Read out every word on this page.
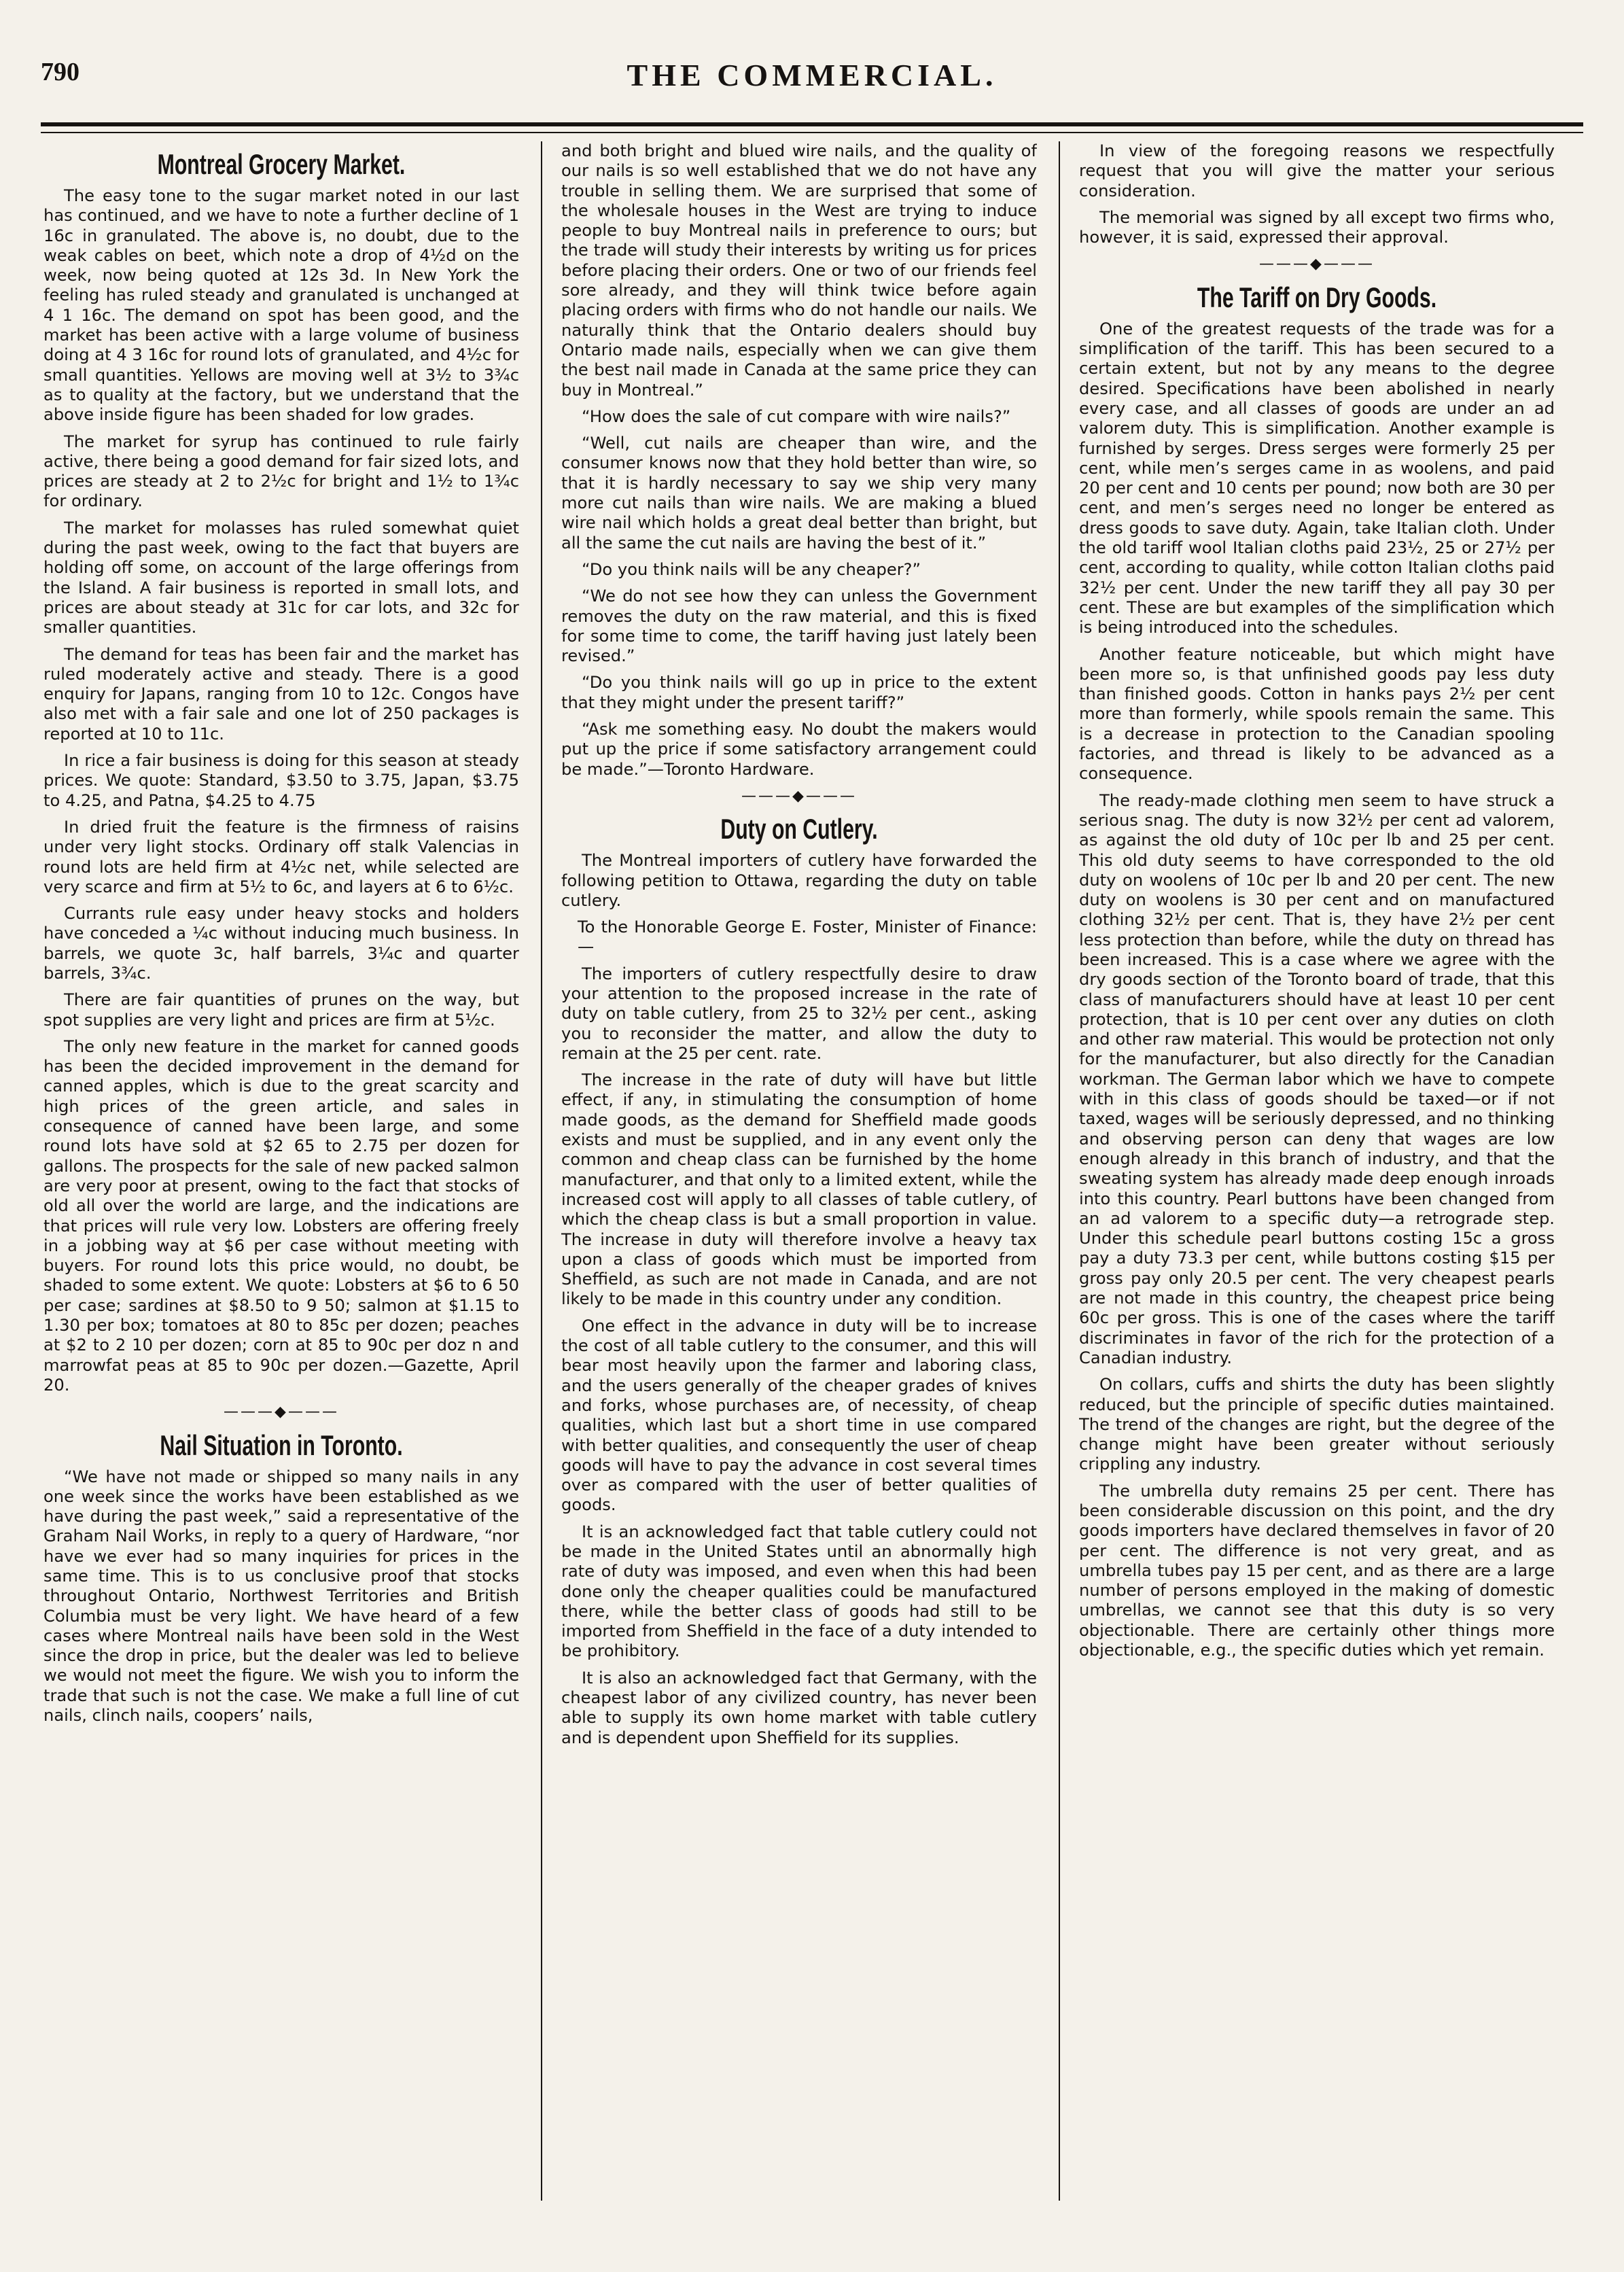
790	THE COMMERCIAL.
Montreal Grocery Market.

The easy tone to the sugar market noted in our last has continued, and we have to note a further decline of 1 16c in granulated. The above is, no doubt, due to the weak cables on beet, which note a drop of 4½d on the week, now being quoted at 12s 3d. In New York the feeling has ruled steady and granulated is unchanged at 4 1 16c. The demand on spot has been good, and the market has been active with a large volume of business doing at 4 3 16c for round lots of granulated, and 4½c for small quantities. Yellows are moving well at 3½ to 3¾c as to quality at the factory, but we understand that the above inside figure has been shaded for low grades.

The market for syrup has continued to rule fairly active, there being a good demand for fair sized lots, and prices are steady at 2 to 2½c for bright and 1½ to 1¾c for ordinary.

The market for molasses has ruled somewhat quiet during the past week, owing to the fact that buyers are holding off some, on account of the large offerings from the Island. A fair business is reported in small lots, and prices are about steady at 31c for car lots, and 32c for smaller quantities.

The demand for teas has been fair and the market has ruled moderately active and steady. There is a good enquiry for Japans, ranging from 10 to 12c. Congos have also met with a fair sale and one lot of 250 packages is reported at 10 to 11c.

In rice a fair business is doing for this season at steady prices. We quote: Standard, $3.50 to 3.75, Japan, $3.75 to 4.25, and Patna, $4.25 to 4.75

In dried fruit the feature is the firmness of raisins under very light stocks. Ordinary off stalk Valencias in round lots are held firm at 4½c net, while selected are very scarce and firm at 5½ to 6c, and layers at 6 to 6½c.

Currants rule easy under heavy stocks and holders have conceded a ¼c without inducing much business. In barrels, we quote 3c, half barrels, 3¼c and quarter barrels, 3¾c.

There are fair quantities of prunes on the way, but spot supplies are very light and prices are firm at 5½c.

The only new feature in the market for canned goods has been the decided improvement in the demand for canned apples, which is due to the great scarcity and high prices of the green article, and sales in consequence of canned have been large, and some round lots have sold at $2 65 to 2.75 per dozen for gallons. The prospects for the sale of new packed salmon are very poor at present, owing to the fact that stocks of old all over the world are large, and the indications are that prices will rule very low. Lobsters are offering freely in a jobbing way at $6 per case without meeting with buyers. For round lots this price would, no doubt, be shaded to some extent. We quote: Lobsters at $6 to 6 50 per case; sardines at $8.50 to 9 50; salmon at $1.15 to 1.30 per box; tomatoes at 80 to 85c per dozen; peaches at $2 to 2 10 per dozen; corn at 85 to 90c per doz n and marrowfat peas at 85 to 90c per dozen.—Gazette, April 20.

———◆———
Nail Situation in Toronto.

“We have not made or shipped so many nails in any one week since the works have been established as we have during the past week,” said a representative of the Graham Nail Works, in reply to a query of Hardware, “nor have we ever had so many inquiries for prices in the same time. This is to us conclusive proof that stocks throughout Ontario, Northwest Territories and British Columbia must be very light. We have heard of a few cases where Montreal nails have been sold in the West since the drop in price, but the dealer was led to believe we would not meet the figure. We wish you to inform the trade that such is not the case. We make a full line of cut nails, clinch nails, coopers’ nails,

and both bright and blued wire nails, and the quality of our nails is so well established that we do not have any trouble in selling them. We are surprised that some of the wholesale houses in the West are trying to induce people to buy Montreal nails in preference to ours; but the trade will study their interests by writing us for prices before placing their orders. One or two of our friends feel sore already, and they will think twice before again placing orders with firms who do not handle our nails. We naturally think that the Ontario dealers should buy Ontario made nails, especially when we can give them the best nail made in Canada at the same price they can buy in Montreal.”

“How does the sale of cut compare with wire nails?”

“Well, cut nails are cheaper than wire, and the consumer knows now that they hold better than wire, so that it is hardly necessary to say we ship very many more cut nails than wire nails. We are making a blued wire nail which holds a great deal better than bright, but all the same the cut nails are having the best of it.”

“Do you think nails will be any cheaper?”

“We do not see how they can unless the Government removes the duty on the raw material, and this is fixed for some time to come, the tariff having just lately been revised.”

“Do you think nails will go up in price to the extent that they might under the present tariff?”

“Ask me something easy. No doubt the makers would put up the price if some satisfactory arrangement could be made.”—Toronto Hardware.

———◆———
Duty on Cutlery.

The Montreal importers of cutlery have forwarded the following petition to Ottawa, regarding the duty on table cutlery.

To the Honorable George E. Foster, Minister of Finance:—

The importers of cutlery respectfully desire to draw your attention to the proposed increase in the rate of duty on table cutlery, from 25 to 32½ per cent., asking you to reconsider the matter, and allow the duty to remain at the 25 per cent. rate.

The increase in the rate of duty will have but little effect, if any, in stimulating the consumption of home made goods, as the demand for Sheffield made goods exists and must be supplied, and in any event only the common and cheap class can be furnished by the home manufacturer, and that only to a limited extent, while the increased cost will apply to all classes of table cutlery, of which the cheap class is but a small proportion in value. The increase in duty will therefore involve a heavy tax upon a class of goods which must be imported from Sheffield, as such are not made in Canada, and are not likely to be made in this country under any condition.

One effect in the advance in duty will be to increase the cost of all table cutlery to the consumer, and this will bear most heavily upon the farmer and laboring class, and the users generally of the cheaper grades of knives and forks, whose purchases are, of necessity, of cheap qualities, which last but a short time in use compared with better qualities, and consequently the user of cheap goods will have to pay the advance in cost several times over as compared with the user of better qualities of goods.

It is an acknowledged fact that table cutlery could not be made in the United States until an abnormally high rate of duty was imposed, and even when this had been done only the cheaper qualities could be manufactured there, while the better class of goods had still to be imported from Sheffield in the face of a duty intended to be prohibitory.

It is also an acknowledged fact that Germany, with the cheapest labor of any civilized country, has never been able to supply its own home market with table cutlery and is dependent upon Sheffield for its supplies.

In view of the foregoing reasons we respectfully request that you will give the matter your serious consideration.

The memorial was signed by all except two firms who, however, it is said, expressed their approval.

———◆———
The Tariff on Dry Goods.

One of the greatest requests of the trade was for a simplification of the tariff. This has been secured to a certain extent, but not by any means to the degree desired. Specifications have been abolished in nearly every case, and all classes of goods are under an ad valorem duty. This is simplification. Another example is furnished by serges. Dress serges were formerly 25 per cent, while men’s serges came in as woolens, and paid 20 per cent and 10 cents per pound; now both are 30 per cent, and men’s serges need no longer be entered as dress goods to save duty. Again, take Italian cloth. Under the old tariff wool Italian cloths paid 23½, 25 or 27½ per cent, according to quality, while cotton Italian cloths paid 32½ per cent. Under the new tariff they all pay 30 per cent. These are but examples of the simplification which is being introduced into the schedules.

Another feature noticeable, but which might have been more so, is that unfinished goods pay less duty than finished goods. Cotton in hanks pays 2½ per cent more than formerly, while spools remain the same. This is a decrease in protection to the Canadian spooling factories, and thread is likely to be advanced as a consequence.

The ready-made clothing men seem to have struck a serious snag. The duty is now 32½ per cent ad valorem, as against the old duty of 10c per lb and 25 per cent. This old duty seems to have corresponded to the old duty on woolens of 10c per lb and 20 per cent. The new duty on woolens is 30 per cent and on manufactured clothing 32½ per cent. That is, they have 2½ per cent less protection than before, while the duty on thread has been increased. This is a case where we agree with the dry goods section of the Toronto board of trade, that this class of manufacturers should have at least 10 per cent protection, that is 10 per cent over any duties on cloth and other raw material. This would be protection not only for the manufacturer, but also directly for the Canadian workman. The German labor which we have to compete with in this class of goods should be taxed—or if not taxed, wages will be seriously depressed, and no thinking and observing person can deny that wages are low enough already in this branch of industry, and that the sweating system has already made deep enough inroads into this country. Pearl buttons have been changed from an ad valorem to a specific duty—a retrograde step. Under this schedule pearl buttons costing 15c a gross pay a duty 73.3 per cent, while buttons costing $15 per gross pay only 20.5 per cent. The very cheapest pearls are not made in this country, the cheapest price being 60c per gross. This is one of the cases where the tariff discriminates in favor of the rich for the protection of a Canadian industry.

On collars, cuffs and shirts the duty has been slightly reduced, but the principle of specific duties maintained. The trend of the changes are right, but the degree of the change might have been greater without seriously crippling any industry.

The umbrella duty remains 25 per cent. There has been considerable discussion on this point, and the dry goods importers have declared themselves in favor of 20 per cent. The difference is not very great, and as umbrella tubes pay 15 per cent, and as there are a large number of persons employed in the making of domestic umbrellas, we cannot see that this duty is so very objectionable. There are certainly other things more objectionable, e.g., the specific duties which yet remain.
